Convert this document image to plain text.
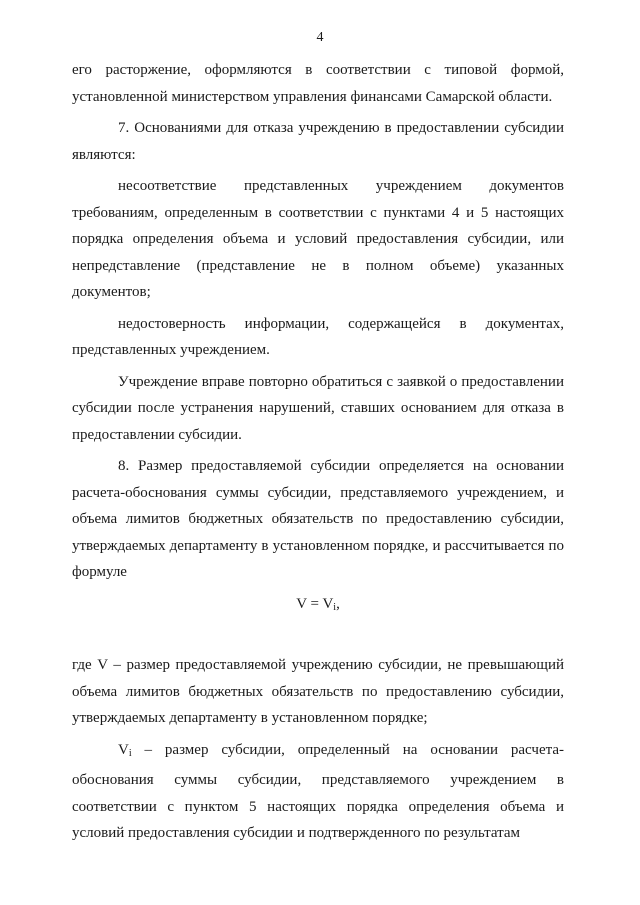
4

его расторжение, оформляются в соответствии с типовой формой, установленной министерством управления финансами Самарской области.

7. Основаниями для отказа учреждению в предоставлении субсидии являются:

несоответствие представленных учреждением документов требованиям, определенным в соответствии с пунктами 4 и 5 настоящих порядка определения объема и условий предоставления субсидии, или непредставление (представление не в полном объеме) указанных документов;

недостоверность информации, содержащейся в документах, представленных учреждением.

Учреждение вправе повторно обратиться с заявкой о предоставлении субсидии после устранения нарушений, ставших основанием для отказа в предоставлении субсидии.

8. Размер предоставляемой субсидии определяется на основании расчета-обоснования суммы субсидии, представляемого учреждением, и объема лимитов бюджетных обязательств по предоставлению субсидии, утверждаемых департаменту в установленном порядке, и рассчитывается по формуле

$V = V_i$,

где V – размер предоставляемой учреждению субсидии, не превышающий объема лимитов бюджетных обязательств по предоставлению субсидии, утверждаемых департаменту в установленном порядке;

$V_i$ – размер субсидии, определенный на основании расчета-обоснования суммы субсидии, представляемого учреждением в соответствии с пунктом 5 настоящих порядка определения объема и условий предоставления субсидии и подтвержденного по результатам
